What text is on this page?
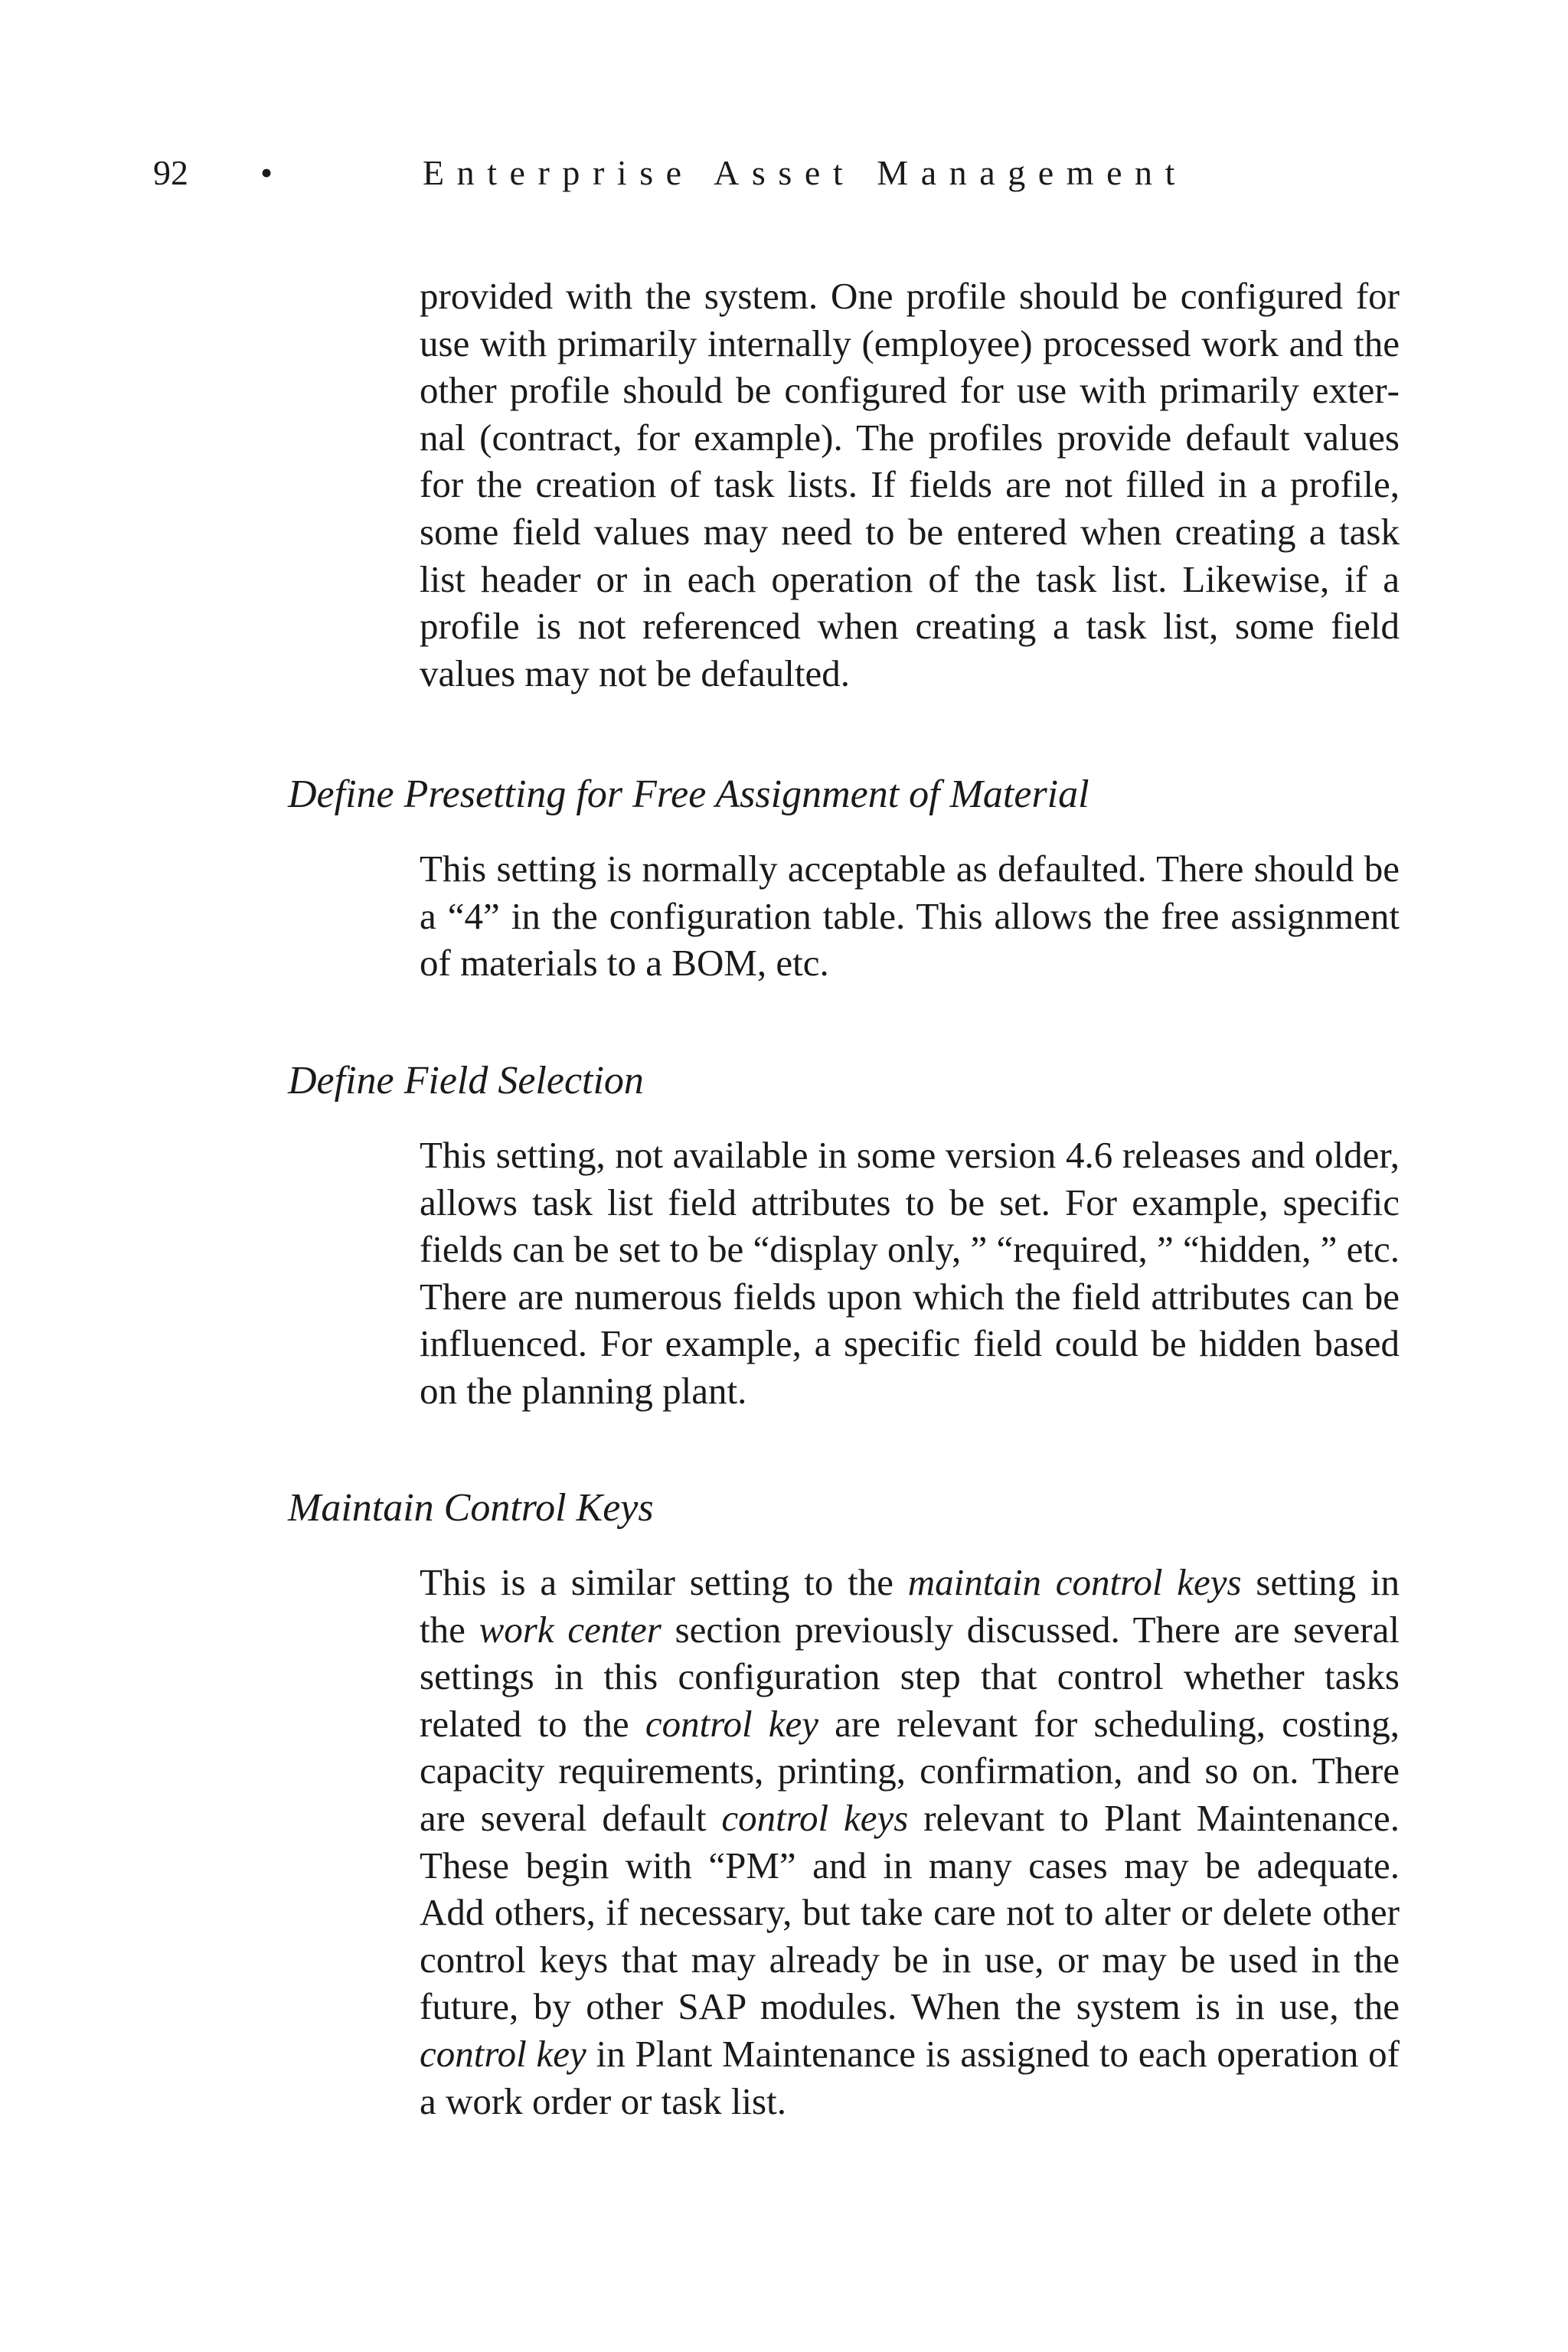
92 •	Enterprise Asset Management

provided with the system. One profile should be configured for use with primarily internally (employee) processed work and the other profile should be configured for use with primarily external (contract, for example). The profiles provide default values for the creation of task lists. If fields are not filled in a profile, some field values may need to be entered when creating a task list header or in each operation of the task list. Likewise, if a profile is not referenced when creating a task list, some field values may not be defaulted.

Define Presetting for Free Assignment of Material

This setting is normally acceptable as defaulted. There should be a “4” in the configuration table. This allows the free assignment of materials to a BOM, etc.

Define Field Selection

This setting, not available in some version 4.6 releases and older, allows task list field attributes to be set. For example, specific fields can be set to be “display only, ” “required, ” “hidden, ” etc. There are numerous fields upon which the field attributes can be influenced. For example, a specific field could be hidden based on the planning plant.

Maintain Control Keys

This is a similar setting to the maintain control keys setting in the work center section previously discussed. There are several settings in this configuration step that control whether tasks related to the control key are relevant for scheduling, costing, capacity requirements, printing, confirmation, and so on. There are several default control keys relevant to Plant Maintenance. These begin with “PM” and in many cases may be adequate. Add others, if necessary, but take care not to alter or delete other control keys that may already be in use, or may be used in the future, by other SAP modules. When the system is in use, the control key in Plant Maintenance is assigned to each operation of a work order or task list.
